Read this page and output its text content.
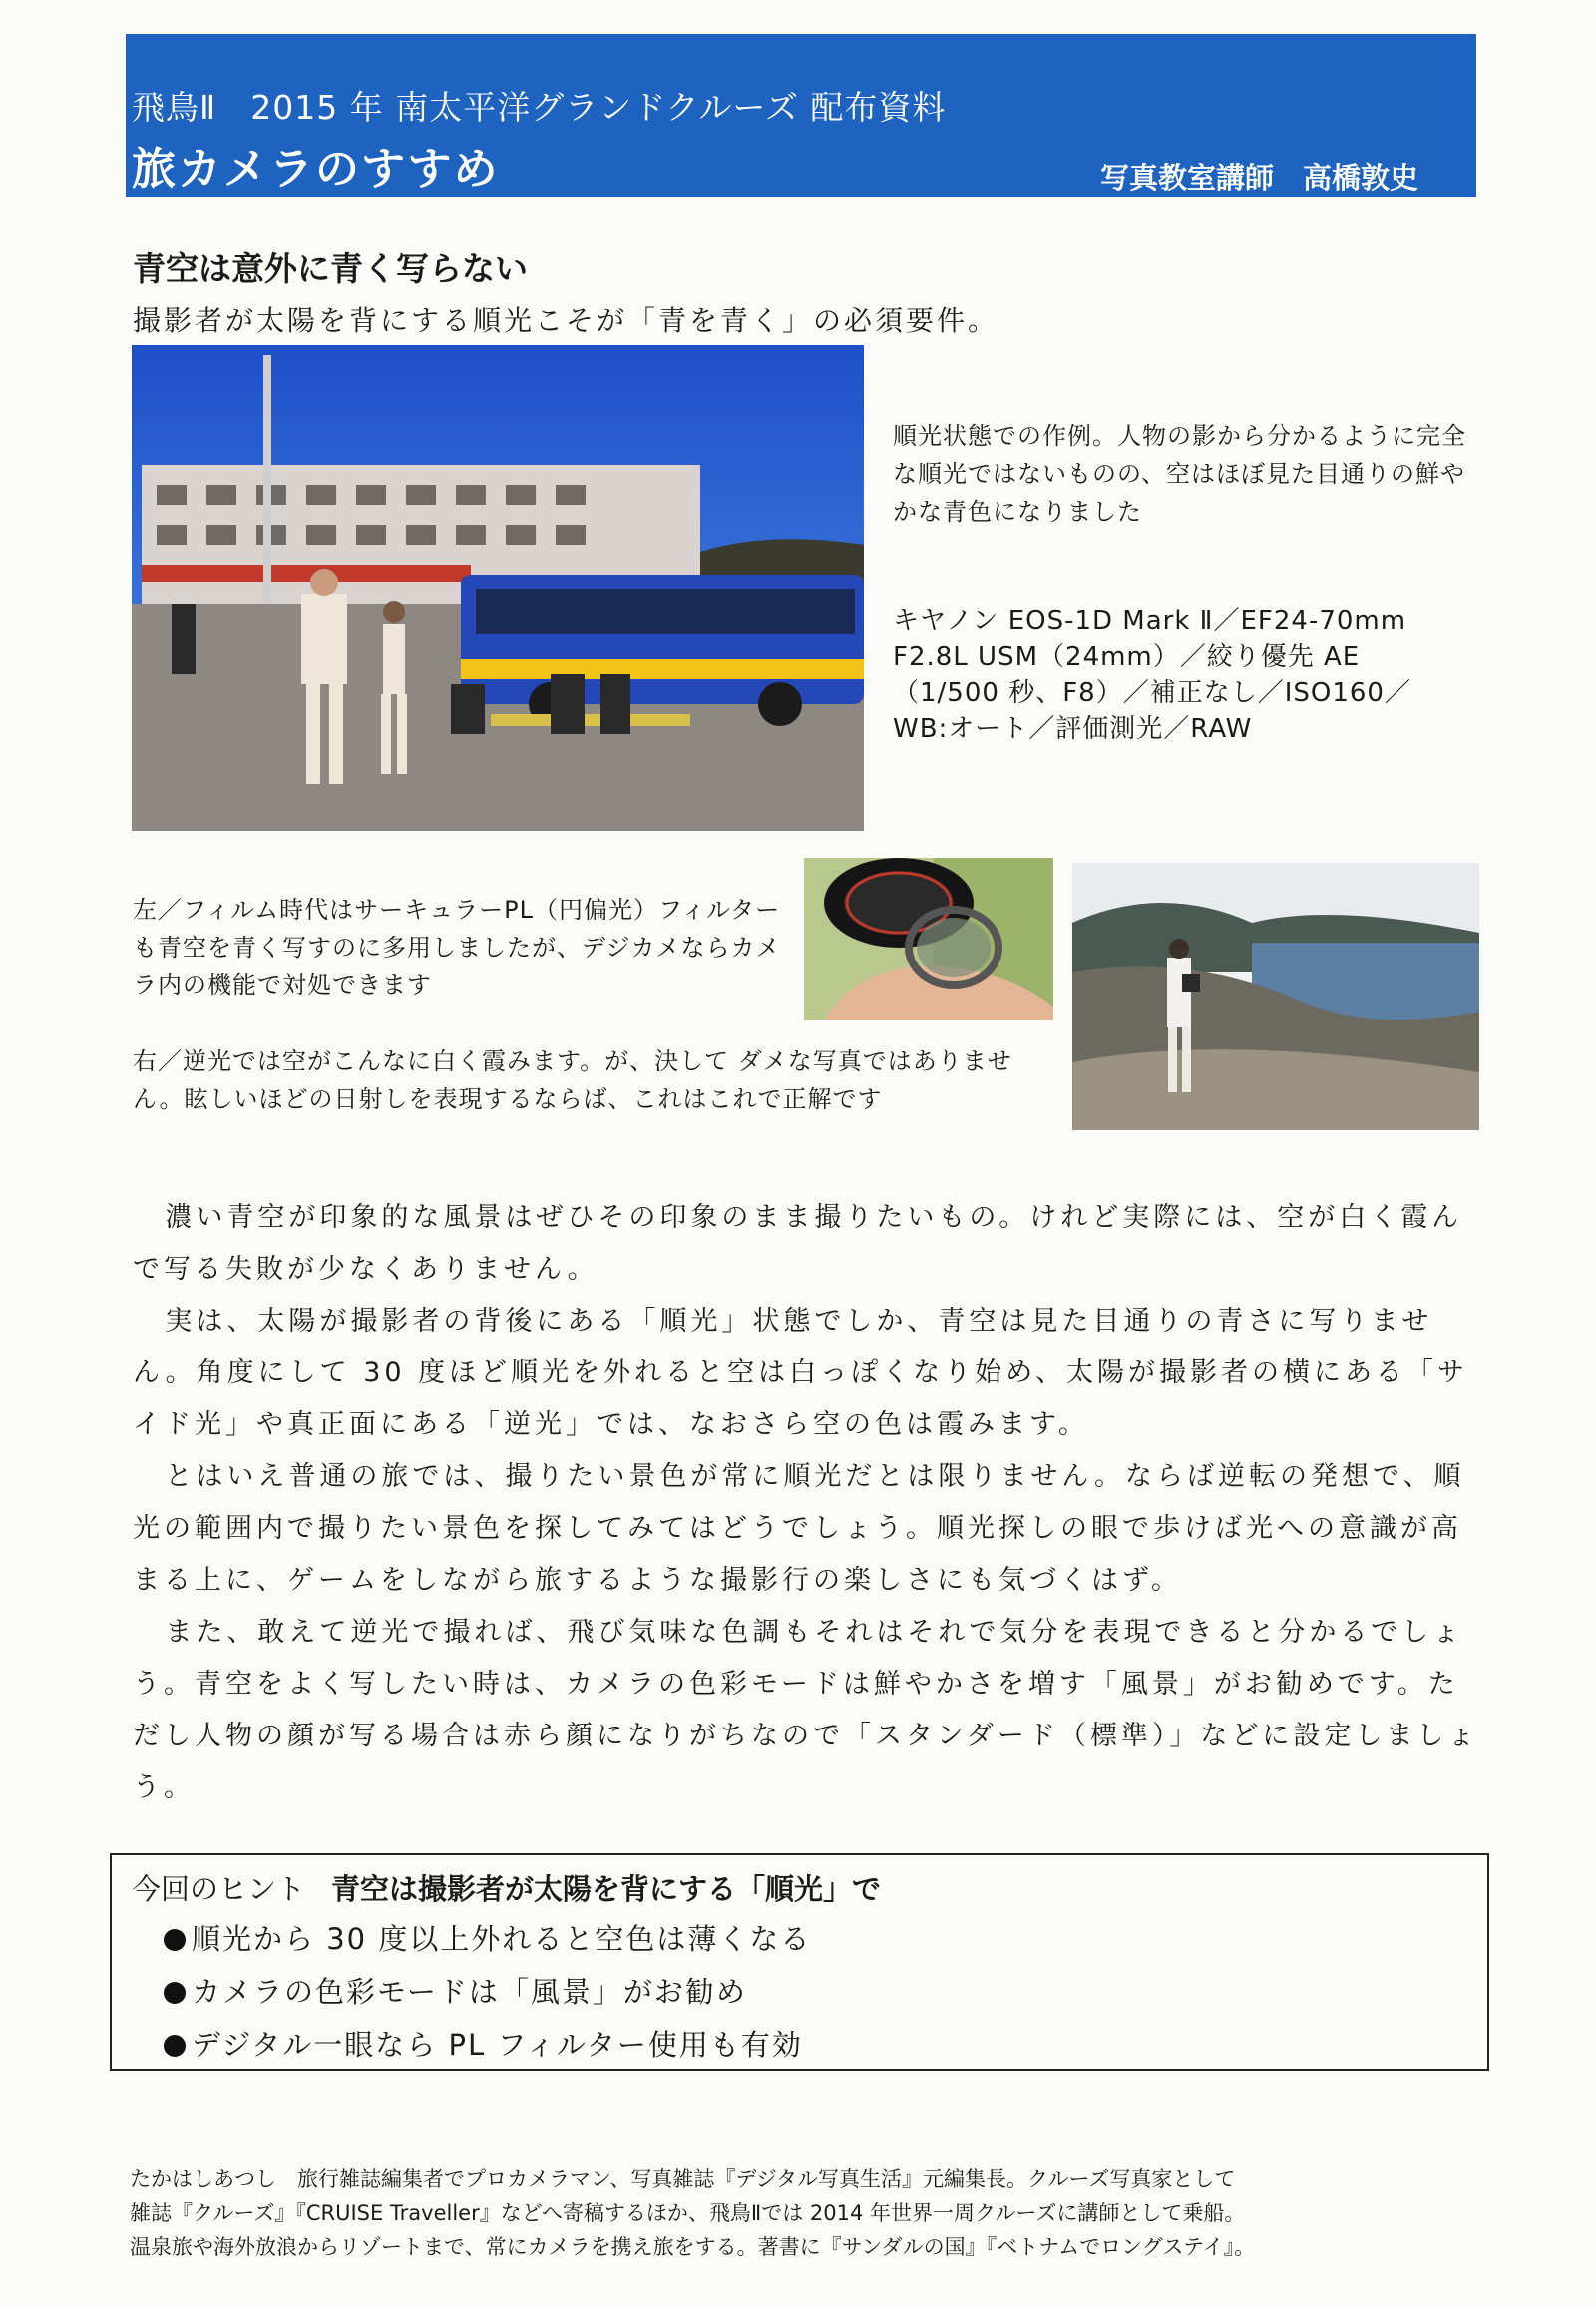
飛鳥Ⅱ　2015 年 南太平洋グランドクルーズ 配布資料
旅カメラのすすめ	写真教室講師　高橋敦史
青空は意外に青く写らない
撮影者が太陽を背にする順光こそが「青を青く」の必須要件。
順光状態での作例。人物の影から分かるように完全な順光ではないものの、空はほぼ見た目通りの鮮やかな青色になりました
キヤノン EOS-1D Mark Ⅱ／EF24-70mm F2.8L USM（24mm）／絞り優先 AE（1/500 秒、F8）／補正なし／ISO160／WB:オート／評価測光／RAW
左／フィルム時代はサーキュラーPL（円偏光）フィルターも青空を青く写すのに多用しましたが、デジカメならカメラ内の機能で対処できます
右／逆光では空がこんなに白く霞みます。が、決して ダメな写真ではありません。眩しいほどの日射しを表現するならば、これはこれで正解です

濃い青空が印象的な風景はぜひその印象のまま撮りたいもの。けれど実際には、空が白く霞んで写る失敗が少なくありません。

実は、太陽が撮影者の背後にある「順光」状態でしか、青空は見た目通りの青さに写りません。角度にして 30 度ほど順光を外れると空は白っぽくなり始め、太陽が撮影者の横にある「サイド光」や真正面にある「逆光」では、なおさら空の色は霞みます。

とはいえ普通の旅では、撮りたい景色が常に順光だとは限りません。ならば逆転の発想で、順光の範囲内で撮りたい景色を探してみてはどうでしょう。順光探しの眼で歩けば光への意識が高まる上に、ゲームをしながら旅するような撮影行の楽しさにも気づくはず。

また、敢えて逆光で撮れば、飛び気味な色調もそれはそれで気分を表現できると分かるでしょう。青空をよく写したい時は、カメラの色彩モードは鮮やかさを増す「風景」がお勧めです。ただし人物の顔が写る場合は赤ら顔になりがちなので「スタンダード（標準）」などに設定しましょう。

今回のヒント 青空は撮影者が太陽を背にする「順光」で
順光から 30 度以上外れると空色は薄くなる
カメラの色彩モードは「風景」がお勧め
デジタル一眼なら PL フィルター使用も有効
たかはしあつし　旅行雑誌編集者でプロカメラマン、写真雑誌『デジタル写真生活』元編集長。クルーズ写真家として
雑誌『クルーズ』『CRUISE Traveller』などへ寄稿するほか、飛鳥Ⅱでは 2014 年世界一周クルーズに講師として乗船。
温泉旅や海外放浪からリゾートまで、常にカメラを携え旅をする。著書に『サンダルの国』『ベトナムでロングステイ』。
